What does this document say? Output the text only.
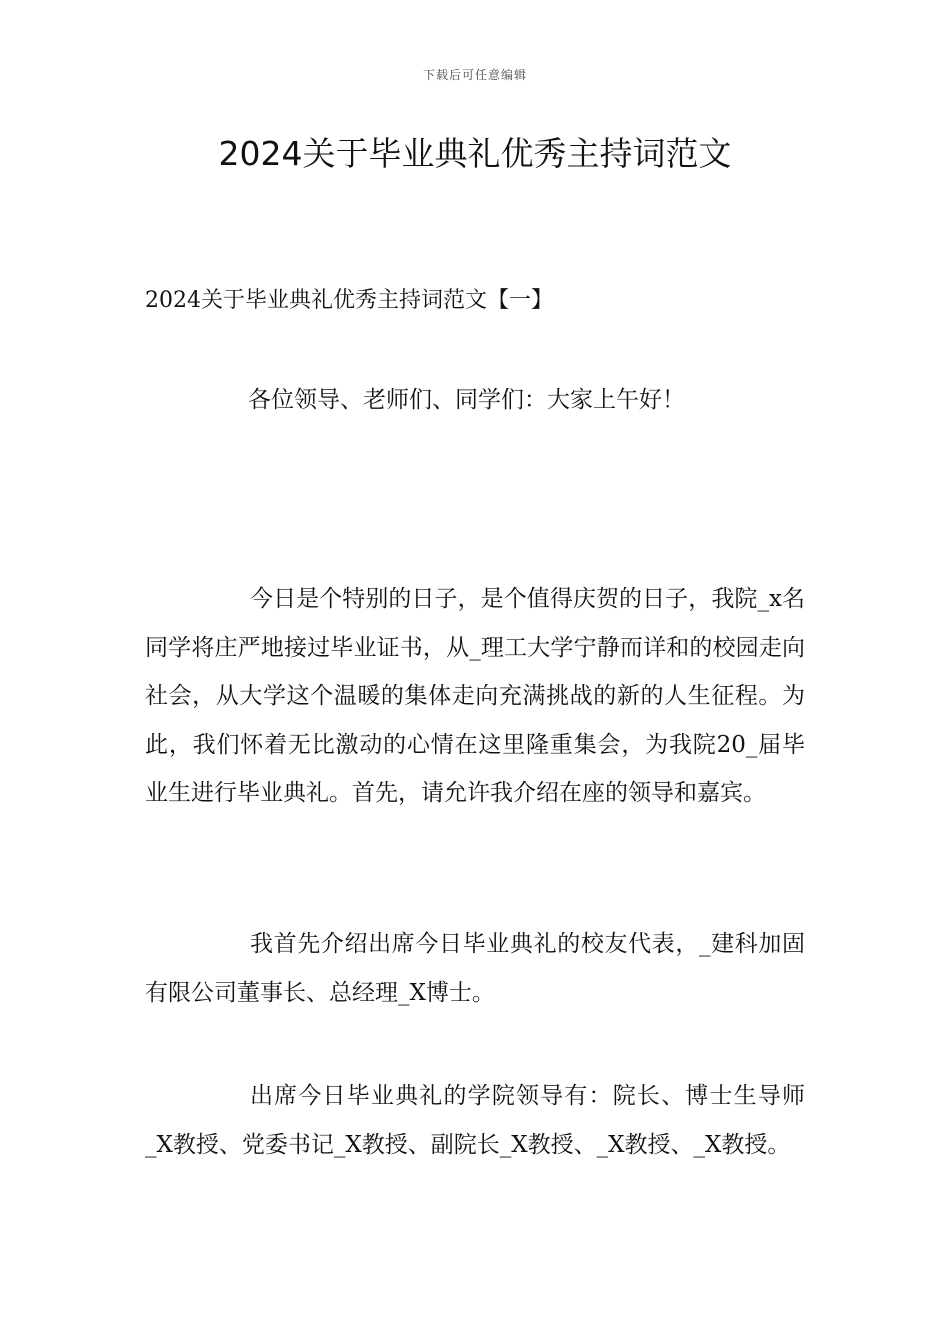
下载后可任意编辑
2024关于毕业典礼优秀主持词范文
2024关于毕业典礼优秀主持词范文【一】

各位领导、老师们、同学们：大家上午好！

今日是个特别的日子，是个值得庆贺的日子，我院_x名同学将庄严地接过毕业证书，从_理工大学宁静而详和的校园走向社会，从大学这个温暖的集体走向充满挑战的新的人生征程。为此，我们怀着无比激动的心情在这里隆重集会，为我院20_届毕业生进行毕业典礼。首先，请允许我介绍在座的领导和嘉宾。

我首先介绍出席今日毕业典礼的校友代表，_建科加固有限公司董事长、总经理_X博士。

出席今日毕业典礼的学院领导有：院长、博士生导师_X教授、党委书记_X教授、副院长_X教授、_X教授、_X教授。
